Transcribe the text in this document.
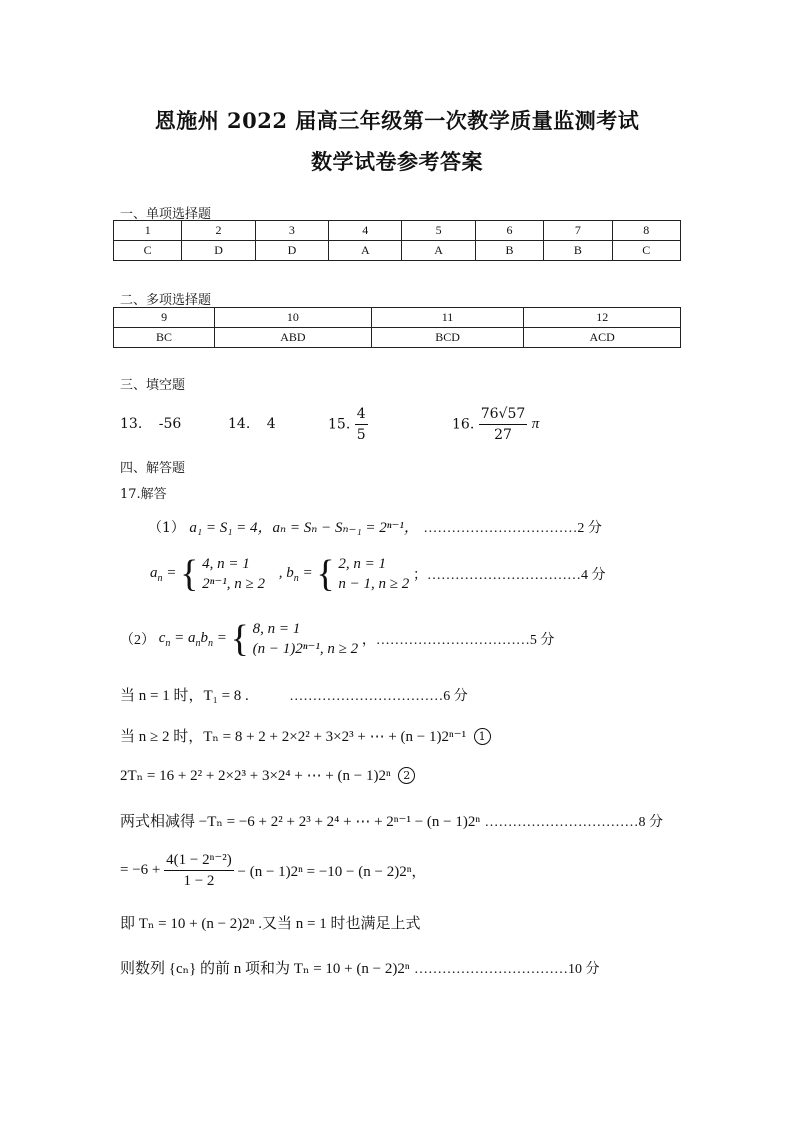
恩施州 2022 届高三年级第一次教学质量监测考试
数学试卷参考答案
一、单项选择题
1	2	3	4	5	6	7	8
C	D	D	A	A	B	B	C
二、多项选择题
9	10	11	12
BC	ABD	BCD	ACD
三、填空题
13. -56	14. 4	15. $\frac{4}{5}$	16. $\frac{76√57}{27}$ π
四、解答题
17.解答
（1） a₁ = S₁ = 4，aₙ = Sₙ − Sₙ₋₁ = 2ⁿ⁻¹， ……………………………2 分
$a_n$ = { 4, n = 1
2ⁿ⁻¹, n ≥ 2
, $b_n$ = { 2, n = 1
n − 1, n ≥ 2
；……………………………4 分
（2） $c_n = a_nb_n$ = { 8, n = 1
(n − 1)2ⁿ⁻¹, n ≥ 2
，……………………………5 分
当 n = 1 时，T₁ = 8 .	……………………………6 分
当 n ≥ 2 时，Tₙ = 8 + 2 + 2×2² + 3×2³ + ⋯ + (n − 1)2ⁿ⁻¹ 1
2Tₙ = 16 + 2² + 2×2³ + 3×2⁴ + ⋯ + (n − 1)2ⁿ 2
两式相减得 −Tₙ = −6 + 2² + 2³ + 2⁴ + ⋯ + 2ⁿ⁻¹ − (n − 1)2ⁿ ……………………………8 分
= $-6 + \frac{\text{4(1 − 2ⁿ⁻²)}}{1 - 2} - (n - 1)2^n = -10 - (n - 2)2^n$，
即 Tₙ = 10 + (n − 2)2ⁿ .又当 n = 1 时也满足上式
则数列 {cₙ} 的前 n 项和为 Tₙ = 10 + (n − 2)2ⁿ ……………………………10 分
